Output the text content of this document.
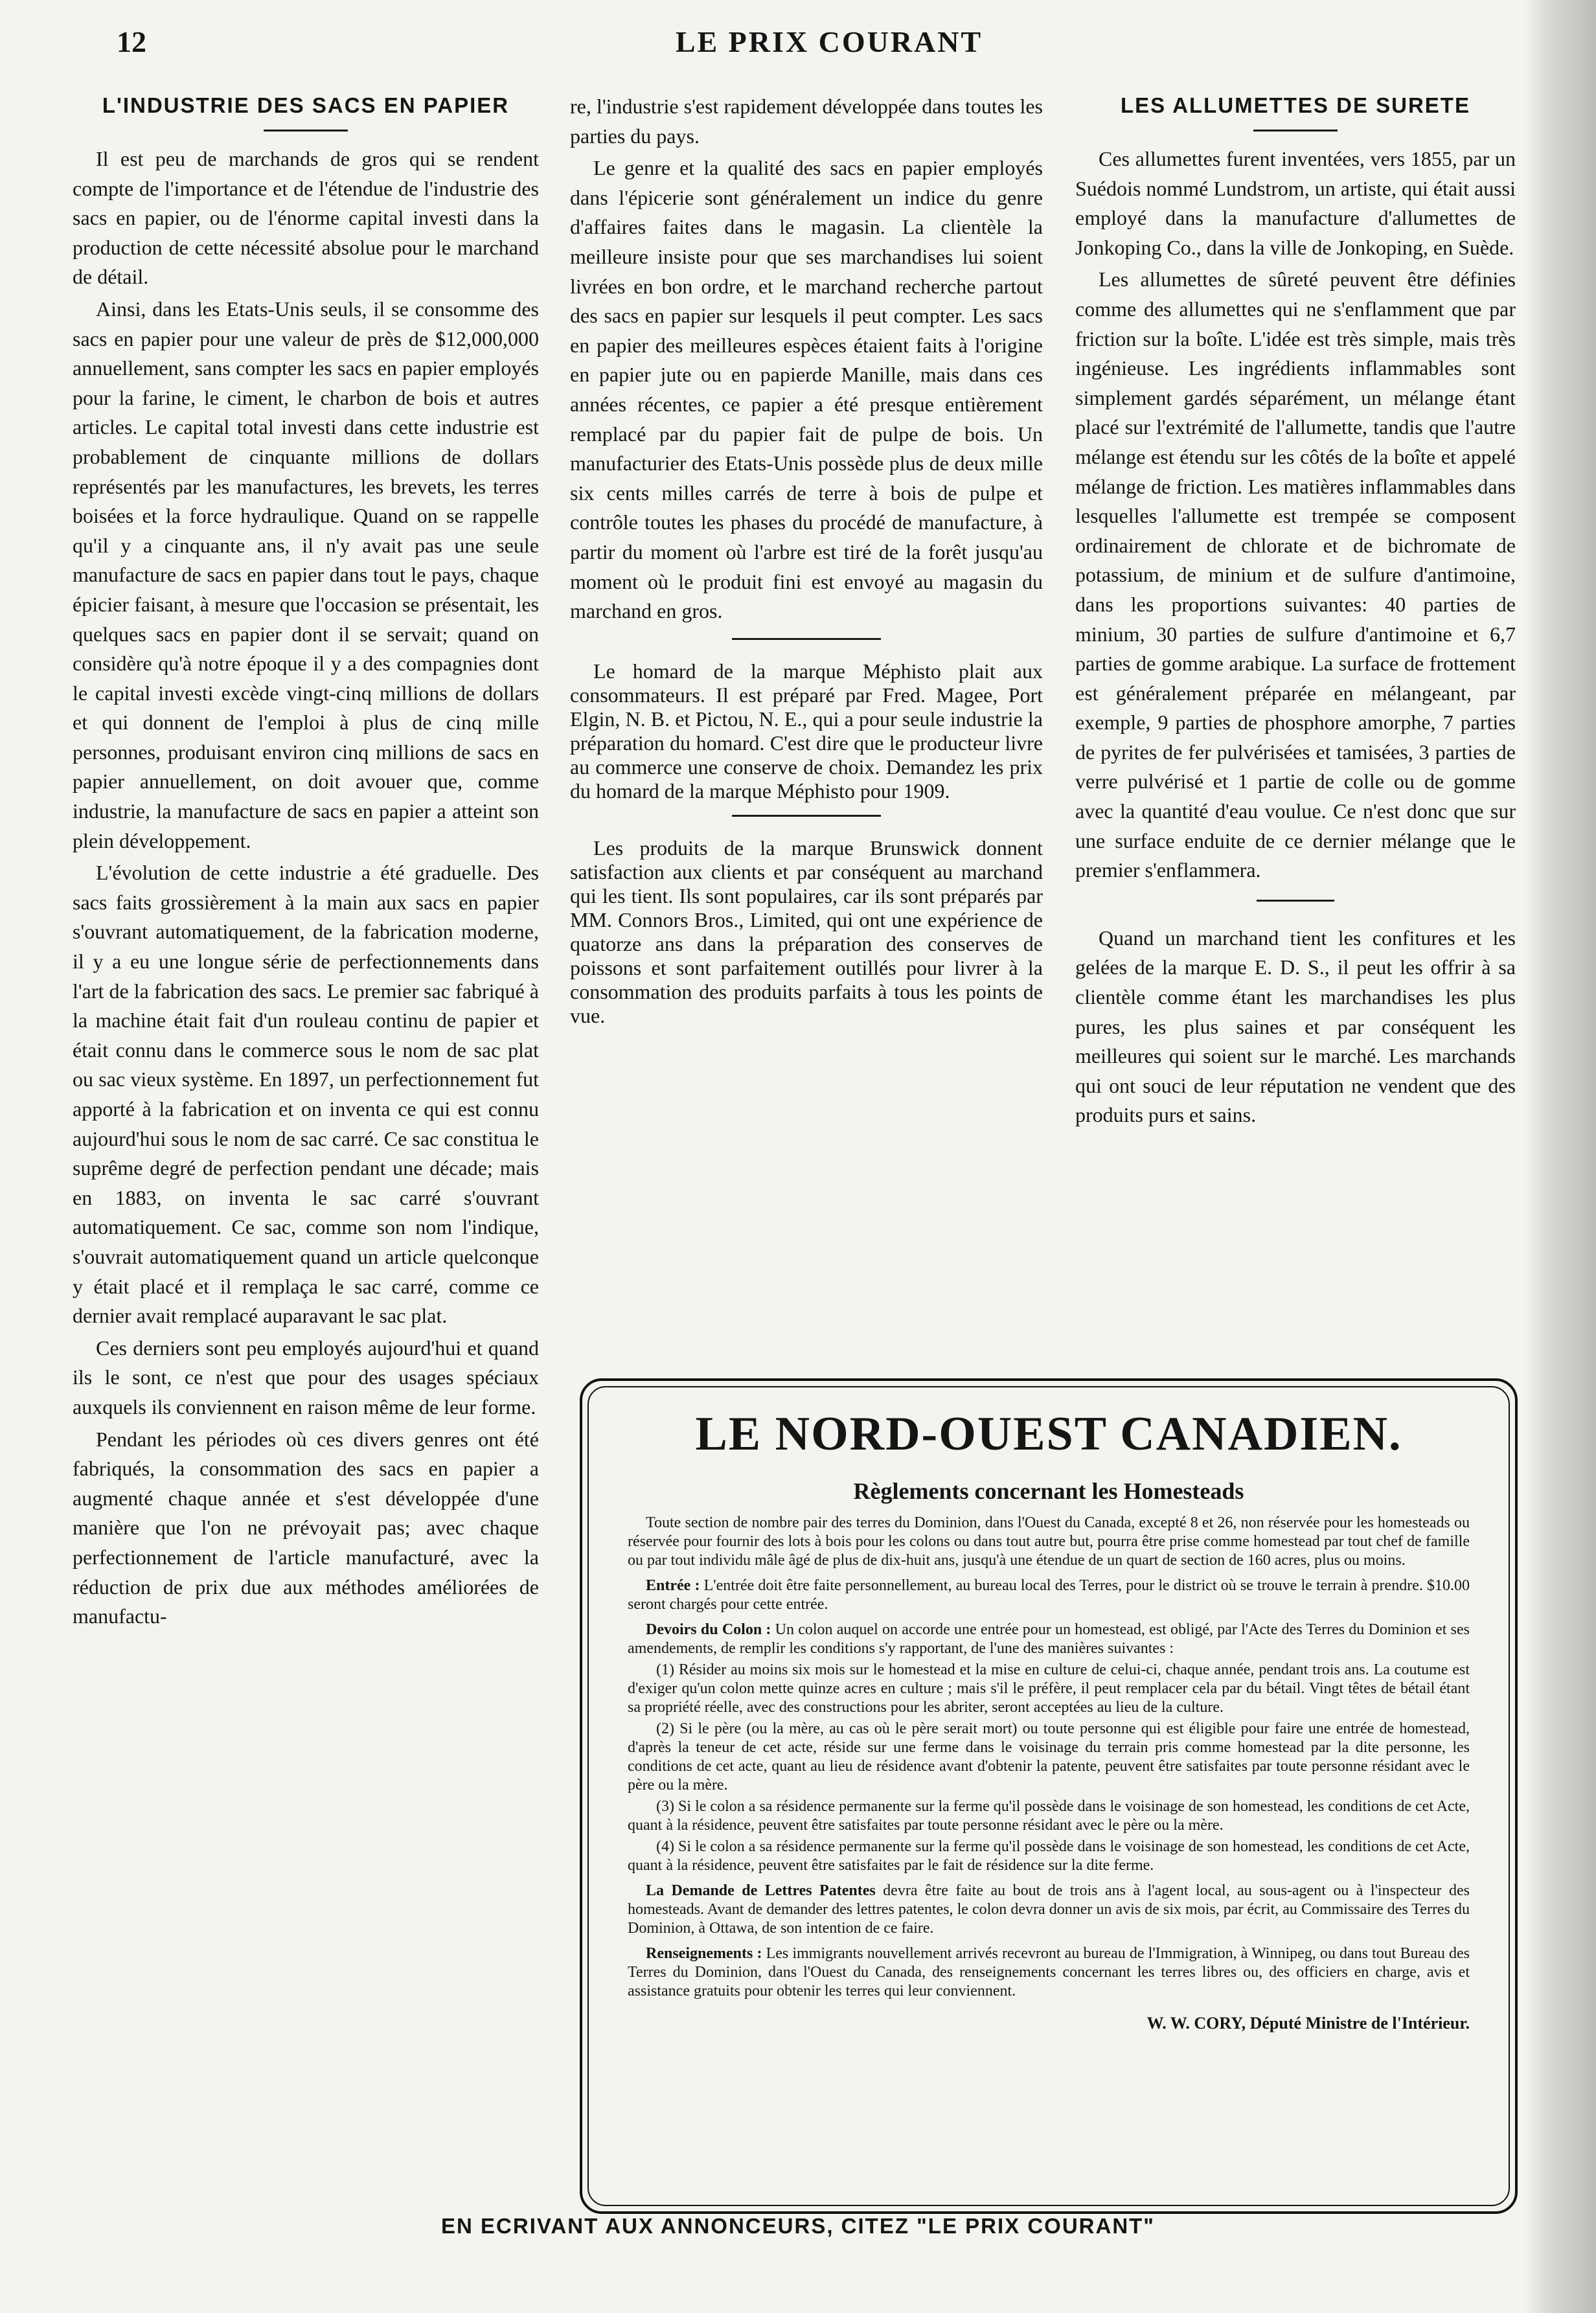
12	LE PRIX COURANT
L'INDUSTRIE DES SACS EN PAPIER

Il est peu de marchands de gros qui se rendent compte de l'importance et de l'étendue de l'industrie des sacs en papier, ou de l'énorme capital investi dans la production de cette nécessité absolue pour le marchand de détail.

Ainsi, dans les Etats-Unis seuls, il se consomme des sacs en papier pour une valeur de près de $12,000,000 annuellement, sans compter les sacs en papier employés pour la farine, le ciment, le charbon de bois et autres articles. Le capital total investi dans cette industrie est probablement de cinquante millions de dollars représentés par les manufactures, les brevets, les terres boisées et la force hydraulique. Quand on se rappelle qu'il y a cinquante ans, il n'y avait pas une seule manufacture de sacs en papier dans tout le pays, chaque épicier faisant, à mesure que l'occasion se présentait, les quelques sacs en papier dont il se servait; quand on considère qu'à notre époque il y a des compagnies dont le capital investi excède vingt-cinq millions de dollars et qui donnent de l'emploi à plus de cinq mille personnes, produisant environ cinq millions de sacs en papier annuellement, on doit avouer que, comme industrie, la manufacture de sacs en papier a atteint son plein développement.

L'évolution de cette industrie a été graduelle. Des sacs faits grossièrement à la main aux sacs en papier s'ouvrant automatiquement, de la fabrication moderne, il y a eu une longue série de perfectionnements dans l'art de la fabrication des sacs. Le premier sac fabriqué à la machine était fait d'un rouleau continu de papier et était connu dans le commerce sous le nom de sac plat ou sac vieux système. En 1897, un perfectionnement fut apporté à la fabrication et on inventa ce qui est connu aujourd'hui sous le nom de sac carré. Ce sac constitua le suprême degré de perfection pendant une décade; mais en 1883, on inventa le sac carré s'ouvrant automatiquement. Ce sac, comme son nom l'indique, s'ouvrait automatiquement quand un article quelconque y était placé et il remplaça le sac carré, comme ce dernier avait remplacé auparavant le sac plat.

Ces derniers sont peu employés aujourd'hui et quand ils le sont, ce n'est que pour des usages spéciaux auxquels ils conviennent en raison même de leur forme.

Pendant les périodes où ces divers genres ont été fabriqués, la consommation des sacs en papier a augmenté chaque année et s'est développée d'une manière que l'on ne prévoyait pas; avec chaque perfectionnement de l'article manufacturé, avec la réduction de prix due aux méthodes améliorées de manufactu-

re, l'industrie s'est rapidement développée dans toutes les parties du pays.

Le genre et la qualité des sacs en papier employés dans l'épicerie sont généralement un indice du genre d'affaires faites dans le magasin. La clientèle la meilleure insiste pour que ses marchandises lui soient livrées en bon ordre, et le marchand recherche partout des sacs en papier sur lesquels il peut compter. Les sacs en papier des meilleures espèces étaient faits à l'origine en papier jute ou en papierde Manille, mais dans ces années récentes, ce papier a été presque entièrement remplacé par du papier fait de pulpe de bois. Un manufacturier des Etats-Unis possède plus de deux mille six cents milles carrés de terre à bois de pulpe et contrôle toutes les phases du procédé de manufacture, à partir du moment où l'arbre est tiré de la forêt jusqu'au moment où le produit fini est envoyé au magasin du marchand en gros.

Le homard de la marque Méphisto plait aux consommateurs. Il est préparé par Fred. Magee, Port Elgin, N. B. et Pictou, N. E., qui a pour seule industrie la préparation du homard. C'est dire que le producteur livre au commerce une conserve de choix. Demandez les prix du homard de la marque Méphisto pour 1909.

Les produits de la marque Brunswick donnent satisfaction aux clients et par conséquent au marchand qui les tient. Ils sont populaires, car ils sont préparés par MM. Connors Bros., Limited, qui ont une expérience de quatorze ans dans la préparation des conserves de poissons et sont parfaitement outillés pour livrer à la consommation des produits parfaits à tous les points de vue.

LES ALLUMETTES DE SURETE

Ces allumettes furent inventées, vers 1855, par un Suédois nommé Lundstrom, un artiste, qui était aussi employé dans la manufacture d'allumettes de Jonkoping Co., dans la ville de Jonkoping, en Suède.

Les allumettes de sûreté peuvent être définies comme des allumettes qui ne s'enflamment que par friction sur la boîte. L'idée est très simple, mais très ingénieuse. Les ingrédients inflammables sont simplement gardés séparément, un mélange étant placé sur l'extrémité de l'allumette, tandis que l'autre mélange est étendu sur les côtés de la boîte et appelé mélange de friction. Les matières inflammables dans lesquelles l'allumette est trempée se composent ordinairement de chlorate et de bichromate de potassium, de minium et de sulfure d'antimoine, dans les proportions suivantes: 40 parties de minium, 30 parties de sulfure d'antimoine et 6,7 parties de gomme arabique. La surface de frottement est généralement préparée en mélangeant, par exemple, 9 parties de phosphore amorphe, 7 parties de pyrites de fer pulvérisées et tamisées, 3 parties de verre pulvérisé et 1 partie de colle ou de gomme avec la quantité d'eau voulue. Ce n'est donc que sur une surface enduite de ce dernier mélange que le premier s'enflammera.

Quand un marchand tient les confitures et les gelées de la marque E. D. S., il peut les offrir à sa clientèle comme étant les marchandises les plus pures, les plus saines et par conséquent les meilleures qui soient sur le marché. Les marchands qui ont souci de leur réputation ne vendent que des produits purs et sains.

LE NORD-OUEST CANADIEN.
Règlements concernant les Homesteads

Toute section de nombre pair des terres du Dominion, dans l'Ouest du Canada, excepté 8 et 26, non réservée pour les homesteads ou réservée pour fournir des lots à bois pour les colons ou dans tout autre but, pourra être prise comme homestead par tout chef de famille ou par tout individu mâle âgé de plus de dix-huit ans, jusqu'à une étendue de un quart de section de 160 acres, plus ou moins.

Entrée : L'entrée doit être faite personnellement, au bureau local des Terres, pour le district où se trouve le terrain à prendre. $10.00 seront chargés pour cette entrée.

Devoirs du Colon : Un colon auquel on accorde une entrée pour un homestead, est obligé, par l'Acte des Terres du Dominion et ses amendements, de remplir les conditions s'y rapportant, de l'une des manières suivantes :

(1) Résider au moins six mois sur le homestead et la mise en culture de celui-ci, chaque année, pendant trois ans. La coutume est d'exiger qu'un colon mette quinze acres en culture ; mais s'il le préfère, il peut remplacer cela par du bétail. Vingt têtes de bétail étant sa propriété réelle, avec des constructions pour les abriter, seront acceptées au lieu de la culture.

(2) Si le père (ou la mère, au cas où le père serait mort) ou toute personne qui est éligible pour faire une entrée de homestead, d'après la teneur de cet acte, réside sur une ferme dans le voisinage du terrain pris comme homestead par la dite personne, les conditions de cet acte, quant au lieu de résidence avant d'obtenir la patente, peuvent être satisfaites par toute personne résidant avec le père ou la mère.

(3) Si le colon a sa résidence permanente sur la ferme qu'il possède dans le voisinage de son homestead, les conditions de cet Acte, quant à la résidence, peuvent être satisfaites par toute personne résidant avec le père ou la mère.

(4) Si le colon a sa résidence permanente sur la ferme qu'il possède dans le voisinage de son homestead, les conditions de cet Acte, quant à la résidence, peuvent être satisfaites par le fait de résidence sur la dite ferme.

La Demande de Lettres Patentes devra être faite au bout de trois ans à l'agent local, au sous-agent ou à l'inspecteur des homesteads. Avant de demander des lettres patentes, le colon devra donner un avis de six mois, par écrit, au Commissaire des Terres du Dominion, à Ottawa, de son intention de ce faire.

Renseignements : Les immigrants nouvellement arrivés recevront au bureau de l'Immigration, à Winnipeg, ou dans tout Bureau des Terres du Dominion, dans l'Ouest du Canada, des renseignements concernant les terres libres ou, des officiers en charge, avis et assistance gratuits pour obtenir les terres qui leur conviennent.

W. W. CORY, Député Ministre de l'Intérieur.
EN ECRIVANT AUX ANNONCEURS, CITEZ "LE PRIX COURANT"
